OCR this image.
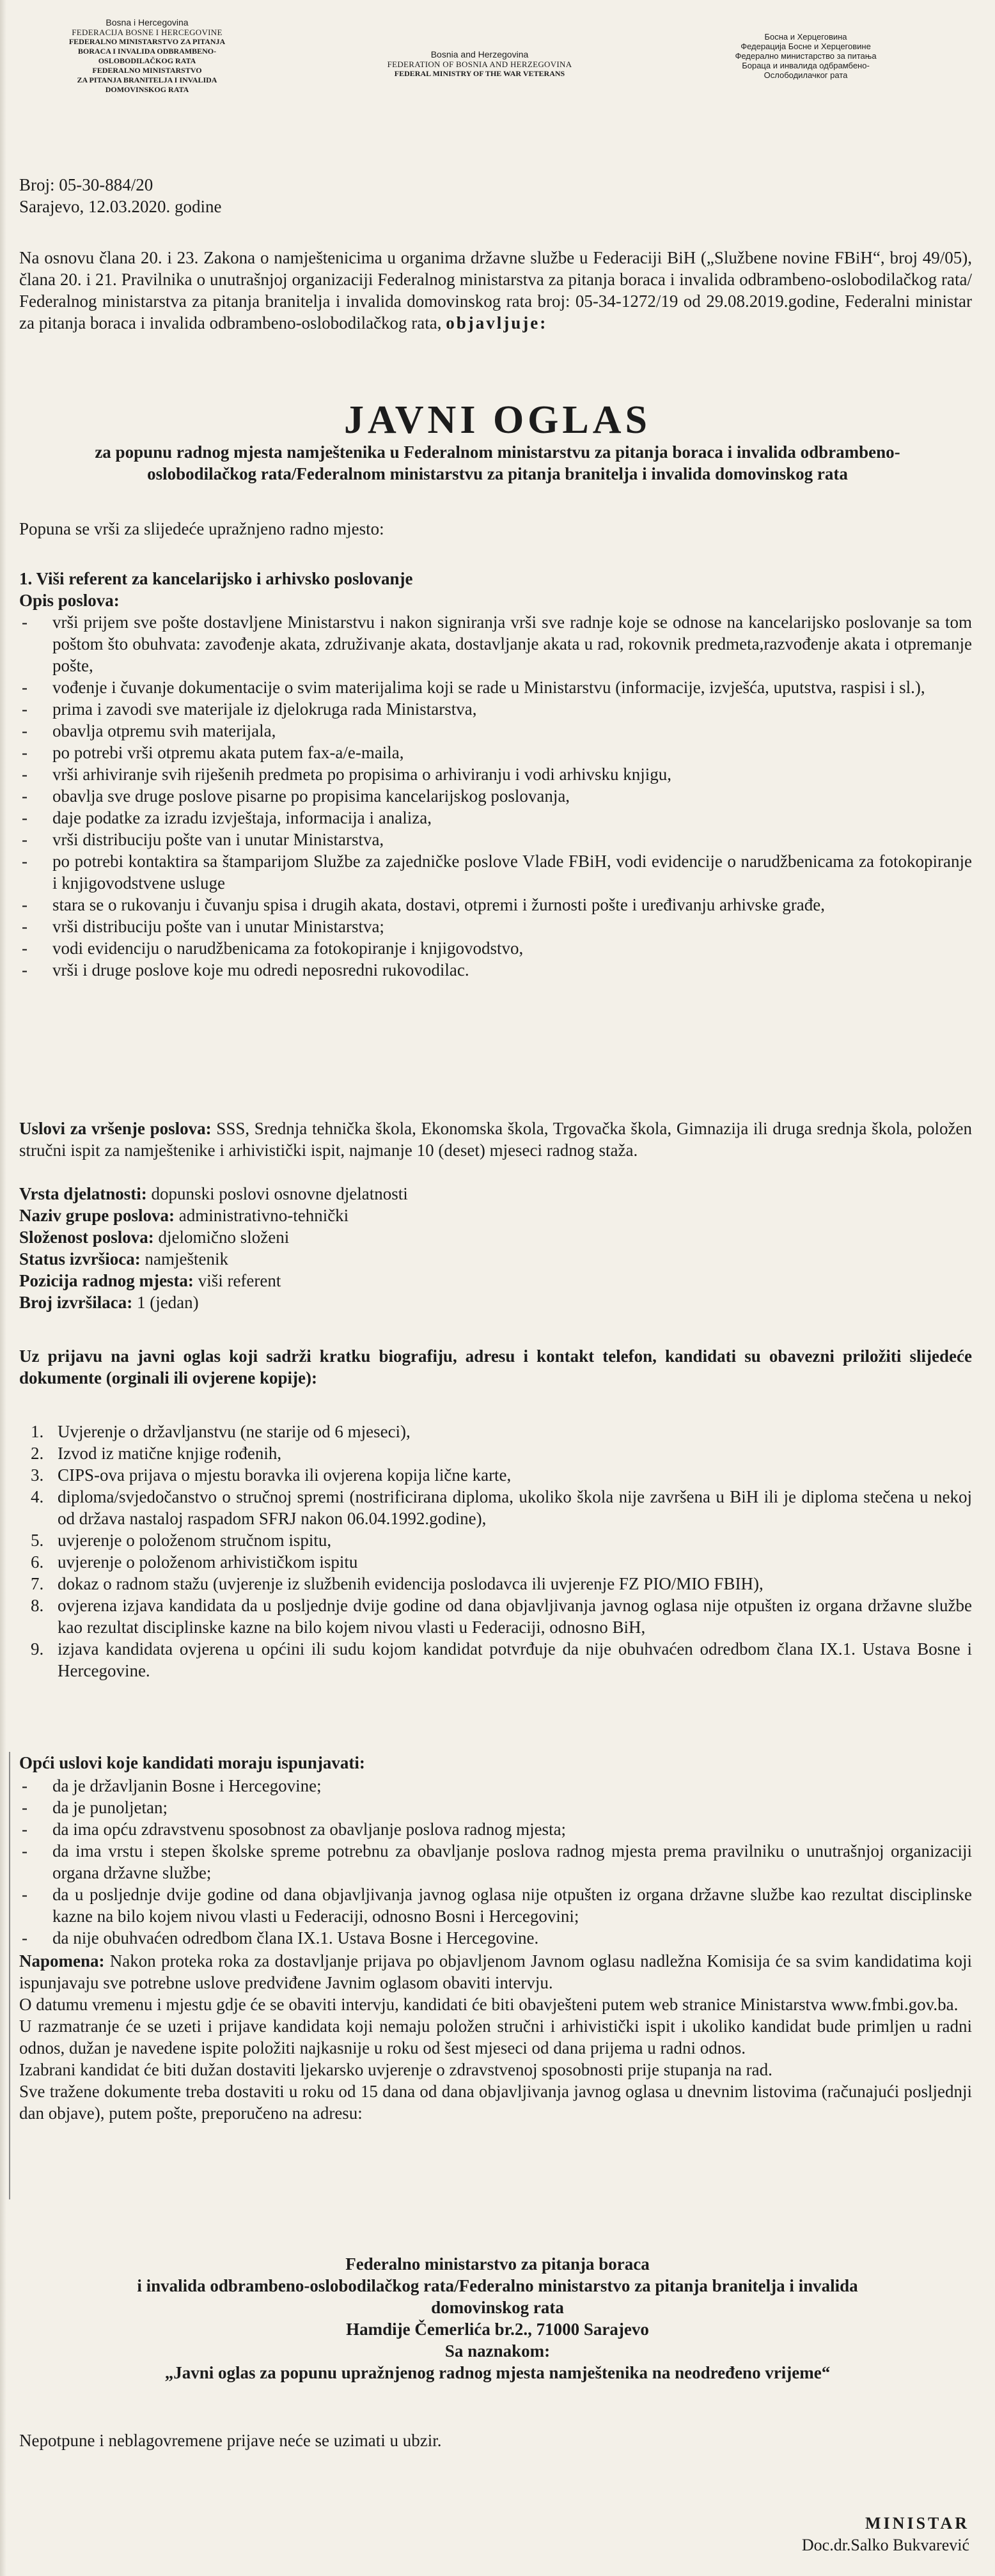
Bosna i Hercegovina
FEDERACIJA BOSNE I HERCEGOVINE
FEDERALNO MINISTARSTVO ZA PITANJA
BORACA I INVALIDA ODBRAMBENO-
OSLOBODILAČKOG RATA
FEDERALNO MINISTARSTVO
ZA PITANJA BRANITELJA I INVALIDA
DOMOVINSKOG RATA
Bosnia and Herzegovina
FEDERATION OF BOSNIA AND HERZEGOVINA
FEDERAL MINISTRY OF THE WAR VETERANS
Босна и Херцеговина
Федерација Босне и Херцеговине
Федерално министарство за питања
Бораца и инвалида одбрамбено-
Ослободилачког рата
Broj: 05-30-884/20
Sarajevo, 12.03.2020. godine
Na osnovu člana 20. i 23. Zakona o namještenicima u organima državne službe u Federaciji BiH („Službene novine FBiH“, broj 49/05), člana 20. i 21. Pravilnika o unutrašnjoj organizaciji Federalnog ministarstva za pitanja boraca i invalida odbrambeno-oslobodilačkog rata/ Federalnog ministarstva za pitanja branitelja i invalida domovinskog rata broj: 05-34-1272/19 od 29.08.2019.godine, Federalni ministar za pitanja boraca i invalida odbrambeno-oslobodilačkog rata, objavljuje:
JAVNI OGLAS
za popunu radnog mjesta namještenika u Federalnom ministarstvu za pitanja boraca i invalida odbrambeno-oslobodilačkog rata/Federalnom ministarstvu za pitanja branitelja i invalida domovinskog rata
Popuna se vrši za slijedeće upražnjeno radno mjesto:
1. Viši referent za kancelarijsko i arhivsko poslovanje
Opis poslova:
- vrši prijem sve pošte dostavljene Ministarstvu i nakon signiranja vrši sve radnje koje se odnose na kancelarijsko poslovanje sa tom poštom što obuhvata: zavođenje akata, združivanje akata, dostavljanje akata u rad, rokovnik predmeta,razvođenje akata i otpremanje pošte,
- vođenje i čuvanje dokumentacije o svim materijalima koji se rade u Ministarstvu (informacije, izvješća, uputstva, raspisi i sl.),
- prima i zavodi sve materijale iz djelokruga rada Ministarstva,
- obavlja otpremu svih materijala,
- po potrebi vrši otpremu akata putem fax-a/e-maila,
- vrši arhiviranje svih riješenih predmeta po propisima o arhiviranju i vodi arhivsku knjigu,
- obavlja sve druge poslove pisarne po propisima kancelarijskog poslovanja,
- daje podatke za izradu izvještaja, informacija i analiza,
- vrši distribuciju pošte van i unutar Ministarstva,
- po potrebi kontaktira sa štamparijom Službe za zajedničke poslove Vlade FBiH, vodi evidencije o narudžbenicama za fotokopiranje i knjigovodstvene usluge
- stara se o rukovanju i čuvanju spisa i drugih akata, dostavi, otpremi i žurnosti pošte i uređivanju arhivske građe,
- vrši distribuciju pošte van i unutar Ministarstva;
- vodi evidenciju o narudžbenicama za fotokopiranje i knjigovodstvo,
- vrši i druge poslove koje mu odredi neposredni rukovodilac.
Uslovi za vršenje poslova: SSS, Srednja tehnička škola, Ekonomska škola, Trgovačka škola, Gimnazija ili druga srednja škola, položen stručni ispit za namještenike i arhivistički ispit, najmanje 10 (deset) mjeseci radnog staža.
Vrsta djelatnosti: dopunski poslovi osnovne djelatnosti
Naziv grupe poslova: administrativno-tehnički
Složenost poslova: djelomično složeni
Status izvršioca: namještenik
Pozicija radnog mjesta: viši referent
Broj izvršilaca: 1 (jedan)
Uz prijavu na javni oglas koji sadrži kratku biografiju, adresu i kontakt telefon, kandidati su obavezni priložiti slijedeće dokumente (orginali ili ovjerene kopije):
1. Uvjerenje o državljanstvu (ne starije od 6 mjeseci),
2. Izvod iz matične knjige rođenih,
3. CIPS-ova prijava o mjestu boravka ili ovjerena kopija lične karte,
4. diploma/svjedočanstvo o stručnoj spremi (nostrificirana diploma, ukoliko škola nije završena u BiH ili je diploma stečena u nekoj od država nastaloj raspadom SFRJ nakon 06.04.1992.godine),
5. uvjerenje o položenom stručnom ispitu,
6. uvjerenje o položenom arhivističkom ispitu
7. dokaz o radnom stažu (uvjerenje iz službenih evidencija poslodavca ili uvjerenje FZ PIO/MIO FBIH),
8. ovjerena izjava kandidata da u posljednje dvije godine od dana objavljivanja javnog oglasa nije otpušten iz organa državne službe kao rezultat disciplinske kazne na bilo kojem nivou vlasti u Federaciji, odnosno BiH,
9. izjava kandidata ovjerena u općini ili sudu kojom kandidat potvrđuje da nije obuhvaćen odredbom člana IX.1. Ustava Bosne i Hercegovine.
Opći uslovi koje kandidati moraju ispunjavati:
- da je državljanin Bosne i Hercegovine;
- da je punoljetan;
- da ima opću zdravstvenu sposobnost za obavljanje poslova radnog mjesta;
- da ima vrstu i stepen školske spreme potrebnu za obavljanje poslova radnog mjesta prema pravilniku o unutrašnjoj organizaciji organa državne službe;
- da u posljednje dvije godine od dana objavljivanja javnog oglasa nije otpušten iz organa državne službe kao rezultat disciplinske kazne na bilo kojem nivou vlasti u Federaciji, odnosno Bosni i Hercegovini;
- da nije obuhvaćen odredbom člana IX.1. Ustava Bosne i Hercegovine.
Napomena: Nakon proteka roka za dostavljanje prijava po objavljenom Javnom oglasu nadležna Komisija će sa svim kandidatima koji ispunjavaju sve potrebne uslove predviđene Javnim oglasom obaviti intervju.
O datumu vremenu i mjestu gdje će se obaviti intervju, kandidati će biti obavješteni putem web stranice Ministarstva www.fmbi.gov.ba.
U razmatranje će se uzeti i prijave kandidata koji nemaju položen stručni i arhivistički ispit i ukoliko kandidat bude primljen u radni odnos, dužan je navedene ispite položiti najkasnije u roku od šest mjeseci od dana prijema u radni odnos.
Izabrani kandidat će biti dužan dostaviti ljekarsko uvjerenje o zdravstvenoj sposobnosti prije stupanja na rad.
Sve tražene dokumente treba dostaviti u roku od 15 dana od dana objavljivanja javnog oglasa u dnevnim listovima (računajući posljednji dan objave), putem pošte, preporučeno na adresu:
Federalno ministarstvo za pitanja boraca
i invalida odbrambeno-oslobodilačkog rata/Federalno ministarstvo za pitanja branitelja i invalida
domovinskog rata
Hamdije Čemerlića br.2., 71000 Sarajevo
Sa naznakom:
„Javni oglas za popunu upražnjenog radnog mjesta namještenika na neodređeno vrijeme“
Nepotpune i neblagovremene prijave neće se uzimati u ubzir.
MINISTAR
Doc.dr.Salko Bukvarević
